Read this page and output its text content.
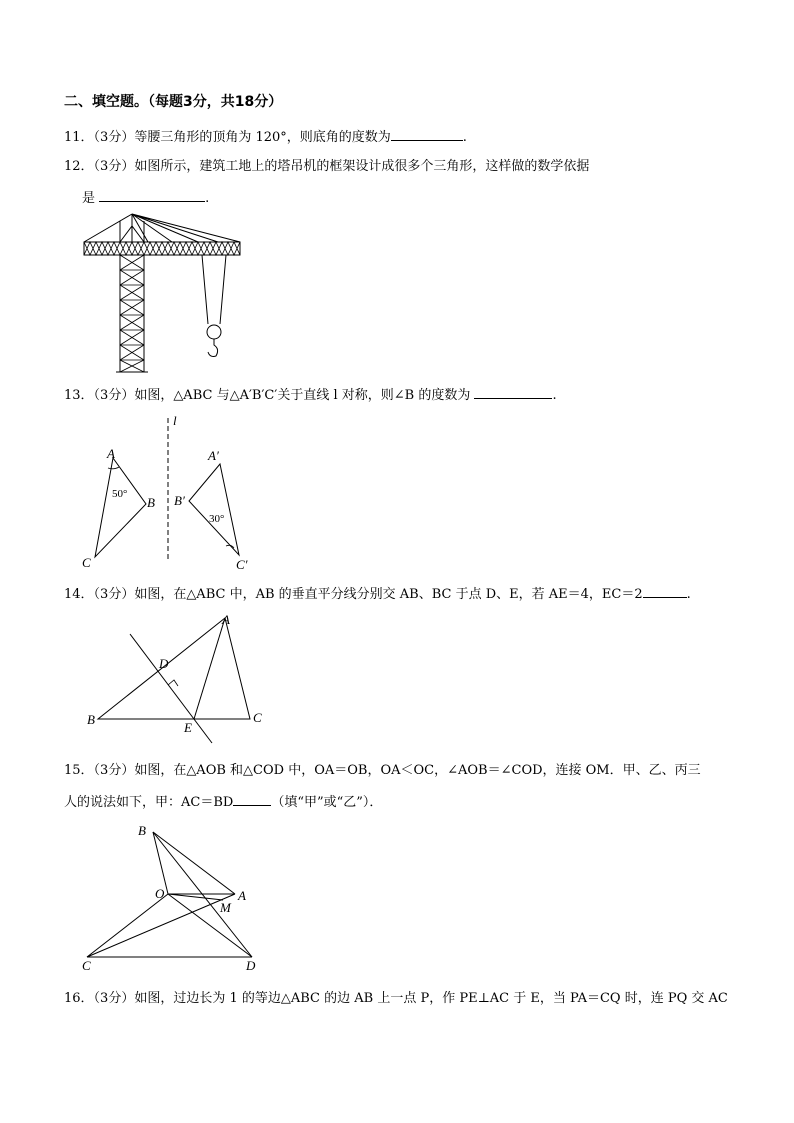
二、填空题。（每题3分，共18分）
11．（3分）等腰三角形的顶角为 120°，则底角的度数为	.
12．（3分）如图所示，建筑工地上的塔吊机的框架设计成很多个三角形，这样做的数学依据
是	.
13．（3分）如图，△ABC 与△A′B′C′关于直线 l 对称，则∠B 的度数为	.
l
A
B
C
50°
A′
B′
C′
30°
14．（3分）如图，在△ABC 中，AB 的垂直平分线分别交 AB、BC 于点 D、E，若 AE＝4，EC＝2	.
A
B	C
D
E
15．（3分）如图，在△AOB 和△COD 中，OA＝OB，OA＜OC，∠AOB＝∠COD，连接 OM．甲、乙、丙三
人的说法如下，甲：AC＝BD	（填“甲”或“乙”）．
B
O	A
M
C	D
16．（3分）如图，过边长为 1 的等边△ABC 的边 AB 上一点 P，作 PE⊥AC 于 E，当 PA＝CQ 时，连 PQ 交 AC
